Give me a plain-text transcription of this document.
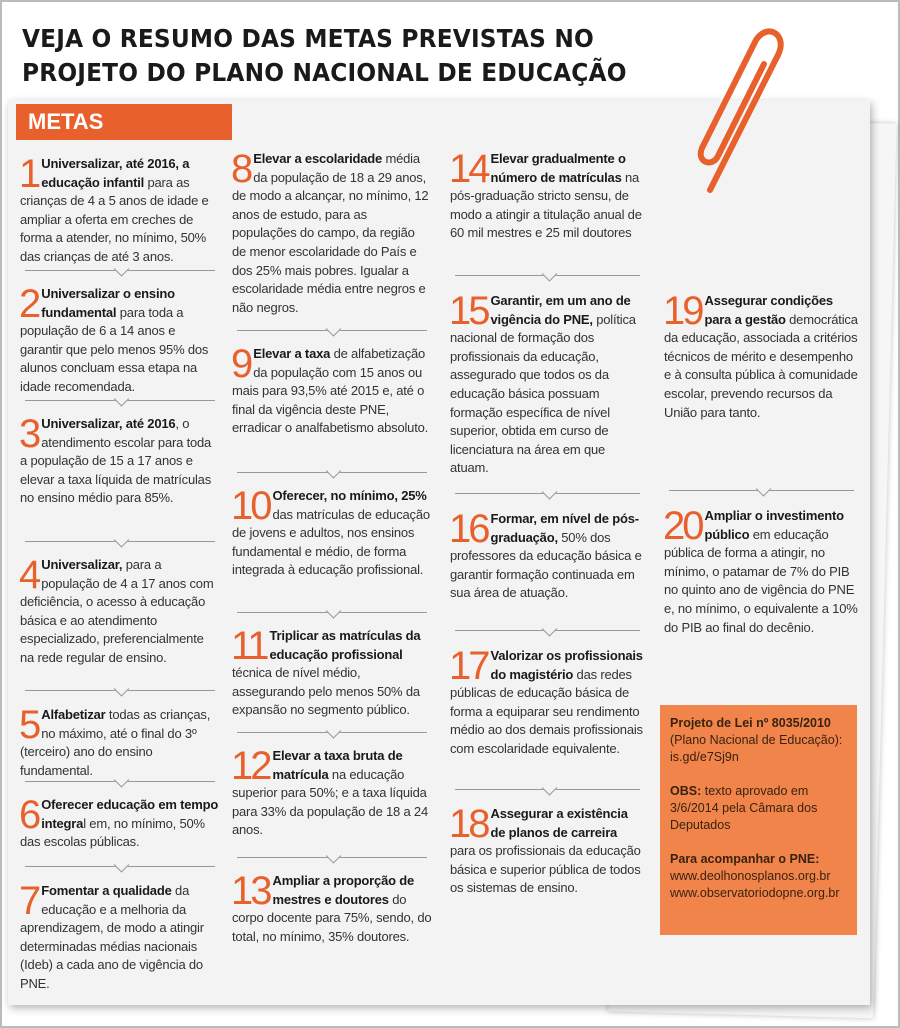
VEJA O RESUMO DAS METAS PREVISTAS NO
PROJETO DO PLANO NACIONAL DE EDUCAÇÃO
METAS
1 Universalizar, até 2016, a educação infantil para as crianças de 4 a 5 anos de idade e ampliar a oferta em creches de forma a atender, no mínimo, 50% das crianças de até 3 anos.
2 Universalizar o ensino fundamental para toda a população de 6 a 14 anos e garantir que pelo menos 95% dos alunos concluam essa etapa na idade recomendada.
3 Universalizar, até 2016, o atendimento escolar para toda a população de 15 a 17 anos e elevar a taxa líquida de matrículas no ensino médio para 85%.
4 Universalizar, para a população de 4 a 17 anos com deficiência, o acesso à educação básica e ao atendimento especializado, preferencialmente na rede regular de ensino.
5 Alfabetizar todas as crianças, no máximo, até o final do 3º (terceiro) ano do ensino fundamental.
6 Oferecer educação em tempo integral em, no mínimo, 50% das escolas públicas.
7 Fomentar a qualidade da educação e a melhoria da aprendizagem, de modo a atingir determinadas médias nacionais (Ideb) a cada ano de vigência do PNE.
8 Elevar a escolaridade média da população de 18 a 29 anos, de modo a alcançar, no mínimo, 12 anos de estudo, para as populações do campo, da região de menor escolaridade do País e dos 25% mais pobres. Igualar a escolaridade média entre negros e não negros.
9 Elevar a taxa de alfabetização da população com 15 anos ou mais para 93,5% até 2015 e, até o final da vigência deste PNE, erradicar o analfabetismo absoluto.
10 Oferecer, no mínimo, 25% das matrículas de educação de jovens e adultos, nos ensinos fundamental e médio, de forma integrada à educação profissional.
11 Triplicar as matrículas da educação profissional técnica de nível médio, assegurando pelo menos 50% da expansão no segmento público.
12 Elevar a taxa bruta de matrícula na educação superior para 50%; e a taxa líquida para 33% da população de 18 a 24 anos.
13 Ampliar a proporção de mestres e doutores do corpo docente para 75%, sendo, do total, no mínimo, 35% doutores.
14 Elevar gradualmente o número de matrículas na pós-graduação stricto sensu, de modo a atingir a titulação anual de 60 mil mestres e 25 mil doutores
15 Garantir, em um ano de vigência do PNE, política nacional de formação dos profissionais da educação, assegurado que todos os da educação básica possuam formação específica de nível superior, obtida em curso de licenciatura na área em que atuam.
16 Formar, em nível de pós-graduação, 50% dos professores da educação básica e garantir formação continuada em sua área de atuação.
17 Valorizar os profissionais do magistério das redes públicas de educação básica de forma a equiparar seu rendimento médio ao dos demais profissionais com escolaridade equivalente.
18 Assegurar a existência de planos de carreira para os profissionais da educação básica e superior pública de todos os sistemas de ensino.
19 Assegurar condições para a gestão democrática da educação, associada a critérios técnicos de mérito e desempenho e à consulta pública à comunidade escolar, prevendo recursos da União para tanto.
20 Ampliar o investimento público em educação pública de forma a atingir, no mínimo, o patamar de 7% do PIB no quinto ano de vigência do PNE e, no mínimo, o equivalente a 10% do PIB ao final do decênio.

Projeto de Lei nº 8035/2010
(Plano Nacional de Educação):
is.gd/e7Sj9n

OBS: texto aprovado em 3/6/2014 pela Câmara dos Deputados

Para acompanhar o PNE:
www.deolhonosplanos.org.br
www.observatoriodopne.org.br
